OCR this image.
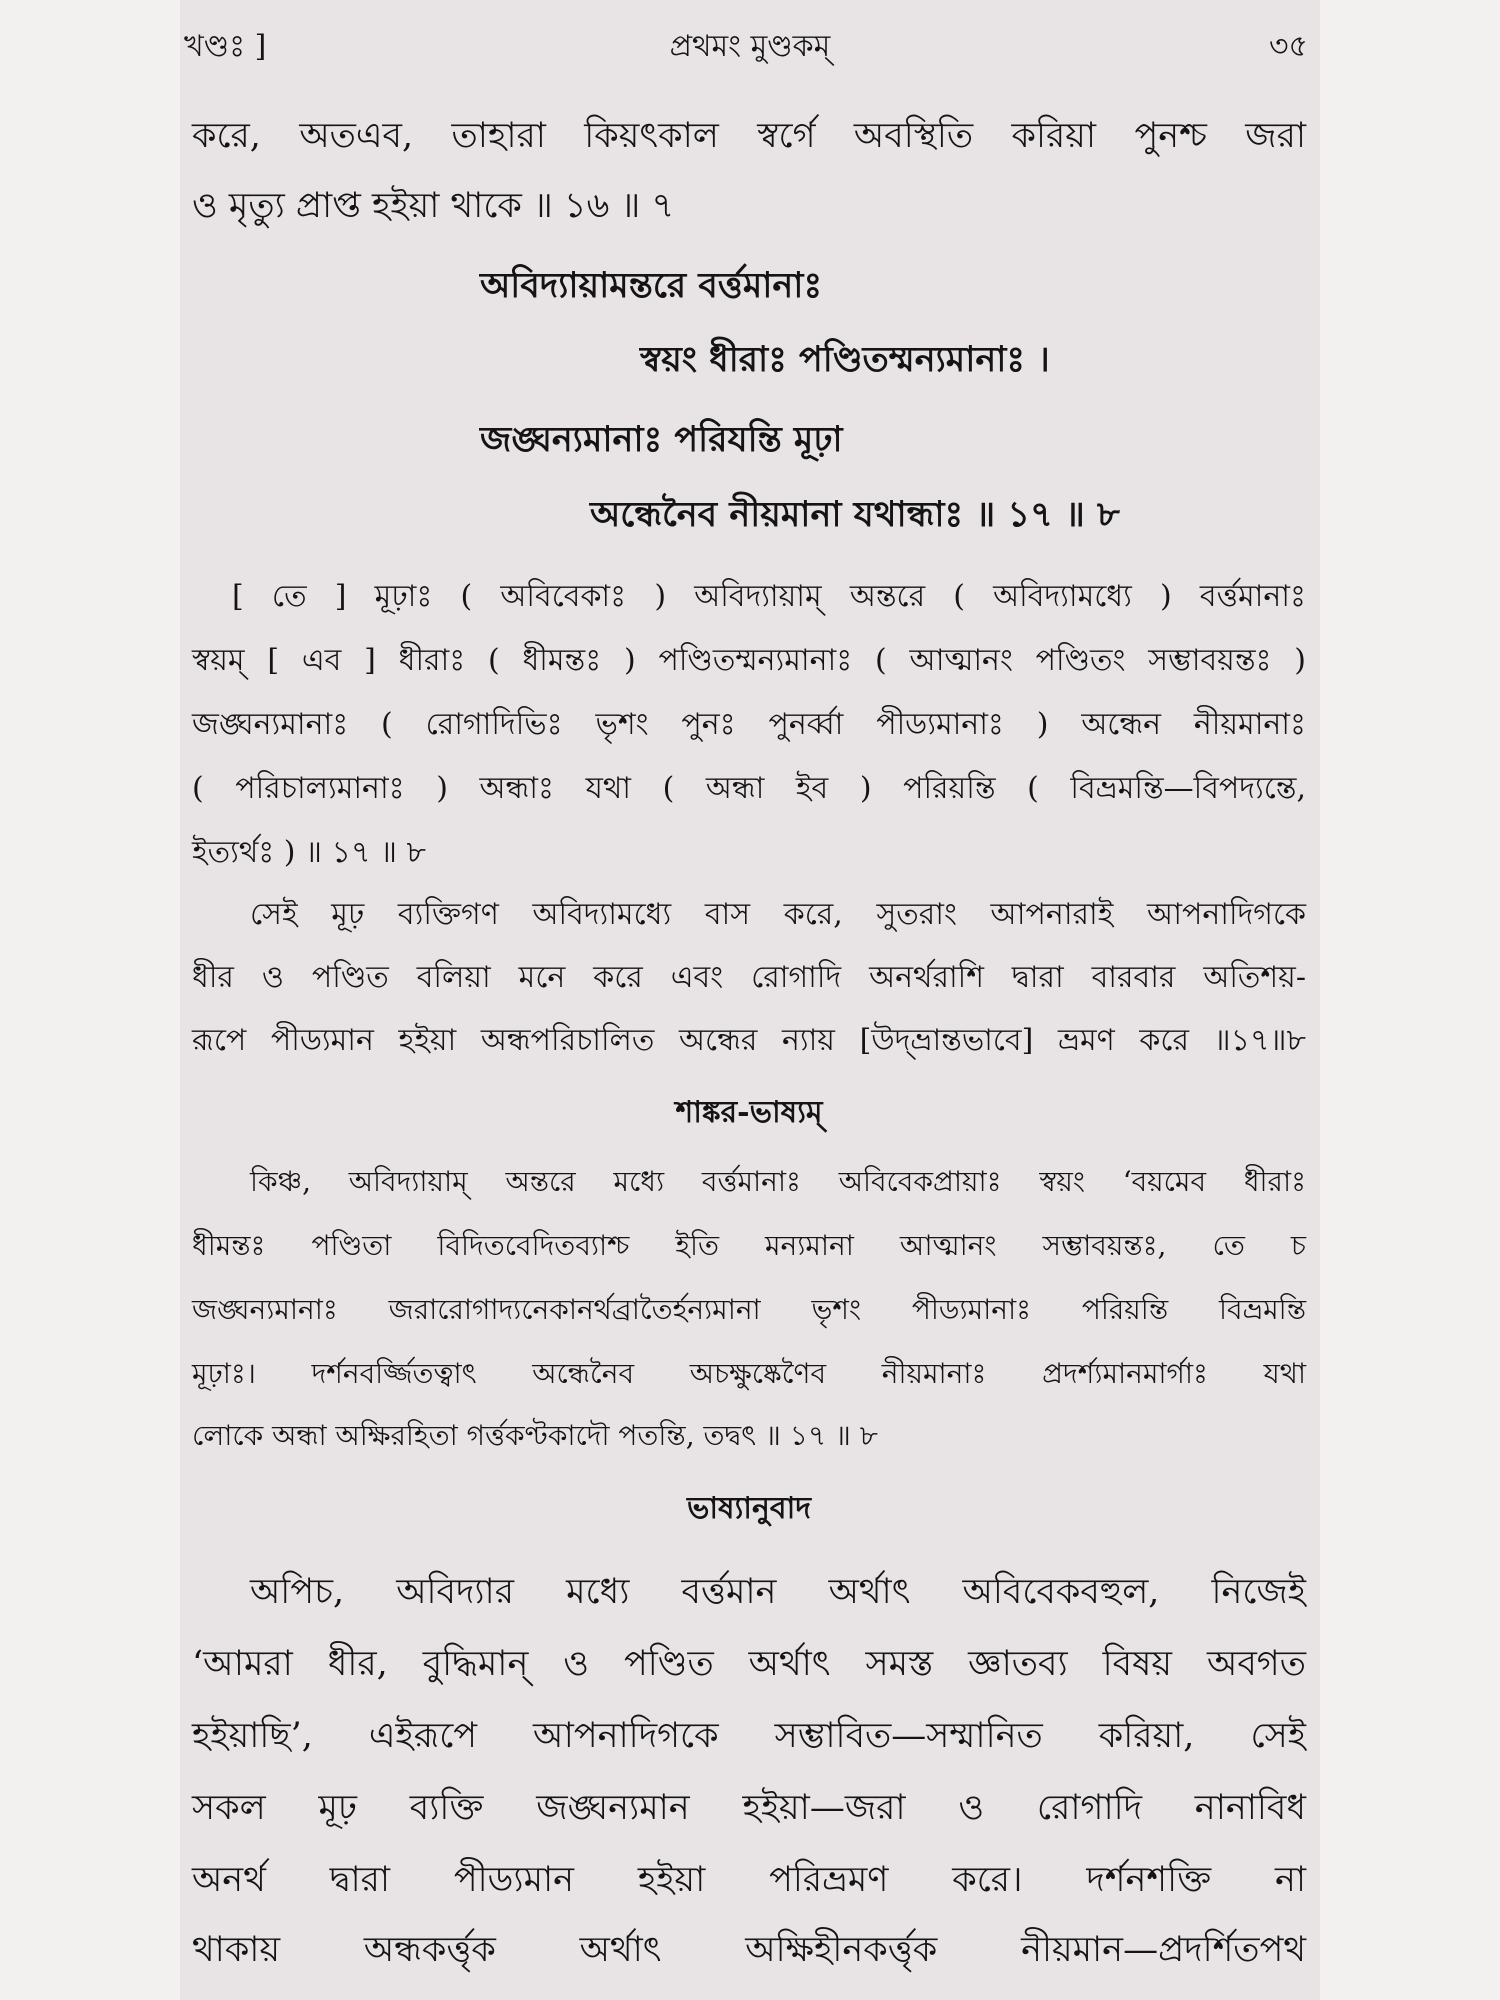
খণ্ডঃ ]	প্রথমং মুণ্ডকম্	৩৫
করে, অতএব, তাহারা কিয়ৎকাল স্বর্গে অবস্থিতি করিয়া পুনশ্চ জরা
ও মৃত্যু প্রাপ্ত হইয়া থাকে ॥ ১৬ ॥ ৭
অবিদ্যায়ামন্তরে বর্ত্তমানাঃ
স্বয়ং ধীরাঃ পণ্ডিতম্মন্যমানাঃ ।
জঙ্ঘন্যমানাঃ পরিযন্তি মূঢ়া
অন্ধেনৈব নীয়মানা যথান্ধাঃ ॥ ১৭ ॥ ৮
[ তে ] মূঢ়াঃ ( অবিবেকাঃ ) অবিদ্যায়াম্ অন্তরে ( অবিদ্যামধ্যে ) বর্ত্তমানাঃ
স্বয়ম্ [ এব ] ধীরাঃ ( ধীমন্তঃ ) পণ্ডিতম্মন্যমানাঃ ( আত্মানং পণ্ডিতং সম্ভাবয়ন্তঃ )
জঙ্ঘন্যমানাঃ ( রোগাদিভিঃ ভৃশং পুনঃ পুনর্ব্বা পীড্যমানাঃ ) অন্ধেন নীয়মানাঃ
( পরিচাল্যমানাঃ ) অন্ধাঃ যথা ( অন্ধা ইব ) পরিয়ন্তি ( বিভ্রমন্তি—বিপদ্যন্তে,
ইত্যর্থঃ ) ॥ ১৭ ॥ ৮
সেই মূঢ় ব্যক্তিগণ অবিদ্যামধ্যে বাস করে, সুতরাং আপনারাই আপনাদিগকে
ধীর ও পণ্ডিত বলিয়া মনে করে এবং রোগাদি অনর্থরাশি দ্বারা বারবার অতিশয়-
রূপে পীড্যমান হইয়া অন্ধপরিচালিত অন্ধের ন্যায় [উদ্‌ভ্রান্তভাবে] ভ্রমণ করে ॥১৭॥৮
শাঙ্কর-ভাষ্যম্
কিঞ্চ, অবিদ্যায়াম্ অন্তরে মধ্যে বর্ত্তমানাঃ অবিবেকপ্রায়াঃ স্বয়ং ‘বয়মেব ধীরাঃ
ধীমন্তঃ পণ্ডিতা বিদিতবেদিতব্যাশ্চ ইতি মন্যমানা আত্মানং সম্ভাবয়ন্তঃ, তে চ
জঙ্ঘন্যমানাঃ জরারোগাদ্যনেকানর্থব্রাতৈর্হন্যমানা ভৃশং পীড্যমানাঃ পরিয়ন্তি বিভ্রমন্তি
মূঢ়াঃ। দর্শনবর্জ্জিতত্বাৎ অন্ধেনৈব অচক্ষুষ্কেণৈব নীয়মানাঃ প্রদর্শ্যমানমার্গাঃ যথা
লোকে অন্ধা অক্ষিরহিতা গর্ত্তকণ্টকাদৌ পতন্তি, তদ্বৎ ॥ ১৭ ॥ ৮
ভাষ্যানুবাদ
অপিচ, অবিদ্যার মধ্যে বর্ত্তমান অর্থাৎ অবিবেকবহুল, নিজেই
‘আমরা ধীর, বুদ্ধিমান্ ও পণ্ডিত অর্থাৎ সমস্ত জ্ঞাতব্য বিষয় অবগত
হইয়াছি’, এইরূপে আপনাদিগকে সম্ভাবিত—সম্মানিত করিয়া, সেই
সকল মূঢ় ব্যক্তি জঙ্ঘন্যমান হইয়া—জরা ও রোগাদি নানাবিধ
অনর্থ দ্বারা পীড্যমান হইয়া পরিভ্রমণ করে। দর্শনশক্তি না
থাকায় অন্ধকর্ত্তৃক অর্থাৎ অক্ষিহীনকর্ত্তৃক নীয়মান—প্রদর্শিতপথ
